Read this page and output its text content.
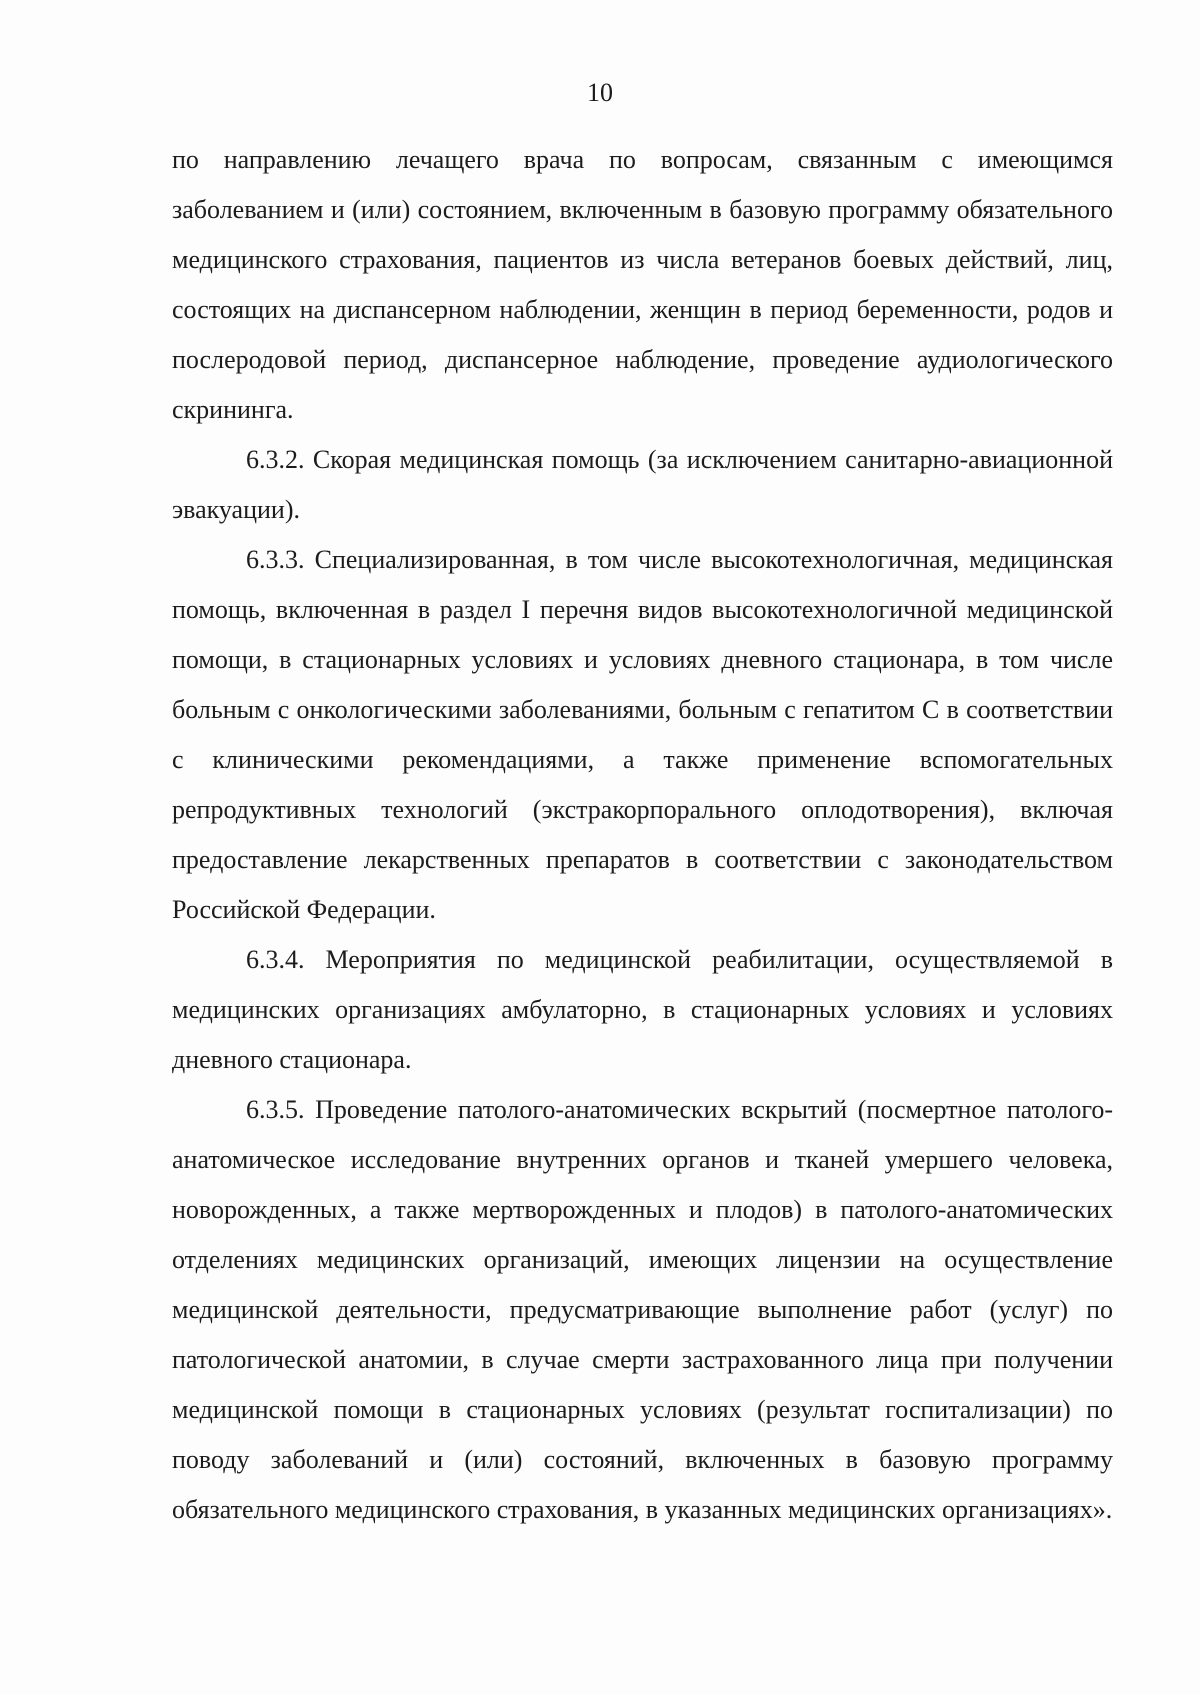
10

по направлению лечащего врача по вопросам, связанным с имеющимся заболеванием и (или) состоянием, включенным в базовую программу обязательного медицинского страхования, пациентов из числа ветеранов боевых действий, лиц, состоящих на диспансерном наблюдении, женщин в период беременности, родов и послеродовой период, диспансерное наблюдение, проведение аудиологического скрининга.

6.3.2. Скорая медицинская помощь (за исключением санитарно-авиационной эвакуации).

6.3.3. Специализированная, в том числе высокотехнологичная, медицинская помощь, включенная в раздел I перечня видов высокотехнологичной медицинской помощи, в стационарных условиях и условиях дневного стационара, в том числе больным с онкологическими заболеваниями, больным с гепатитом C в соответствии с клиническими рекомендациями, а также применение вспомогательных репродуктивных технологий (экстракорпорального оплодотворения), включая предоставление лекарственных препаратов в соответствии с законодательством Российской Федерации.

6.3.4. Мероприятия по медицинской реабилитации, осуществляемой в медицинских организациях амбулаторно, в стационарных условиях и условиях дневного стационара.

6.3.5. Проведение патолого-анатомических вскрытий (посмертное патолого-анатомическое исследование внутренних органов и тканей умершего человека, новорожденных, а также мертворожденных и плодов) в патолого-анатомических отделениях медицинских организаций, имеющих лицензии на осуществление медицинской деятельности, предусматривающие выполнение работ (услуг) по патологической анатомии, в случае смерти застрахованного лица при получении медицинской помощи в стационарных условиях (результат госпитализации) по поводу заболеваний и (или) состояний, включенных в базовую программу обязательного медицинского страхования, в указанных медицинских организациях».
